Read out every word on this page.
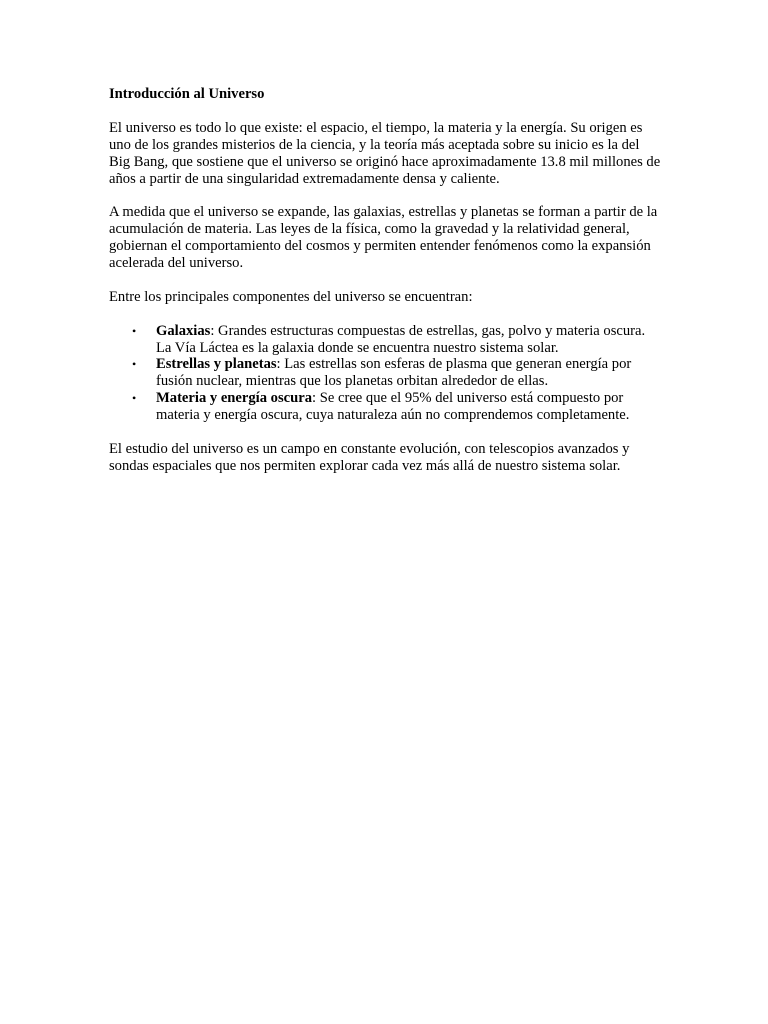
Introducción al Universo

El universo es todo lo que existe: el espacio, el tiempo, la materia y la energía. Su origen es uno de los grandes misterios de la ciencia, y la teoría más aceptada sobre su inicio es la del Big Bang, que sostiene que el universo se originó hace aproximadamente 13.8 mil millones de años a partir de una singularidad extremadamente densa y caliente.

A medida que el universo se expande, las galaxias, estrellas y planetas se forman a partir de la acumulación de materia. Las leyes de la física, como la gravedad y la relatividad general, gobiernan el comportamiento del cosmos y permiten entender fenómenos como la expansión acelerada del universo.

Entre los principales componentes del universo se encuentran:

• Galaxias: Grandes estructuras compuestas de estrellas, gas, polvo y materia oscura. La Vía Láctea es la galaxia donde se encuentra nuestro sistema solar.
• Estrellas y planetas: Las estrellas son esferas de plasma que generan energía por fusión nuclear, mientras que los planetas orbitan alrededor de ellas.
• Materia y energía oscura: Se cree que el 95% del universo está compuesto por materia y energía oscura, cuya naturaleza aún no comprendemos completamente.

El estudio del universo es un campo en constante evolución, con telescopios avanzados y sondas espaciales que nos permiten explorar cada vez más allá de nuestro sistema solar.
